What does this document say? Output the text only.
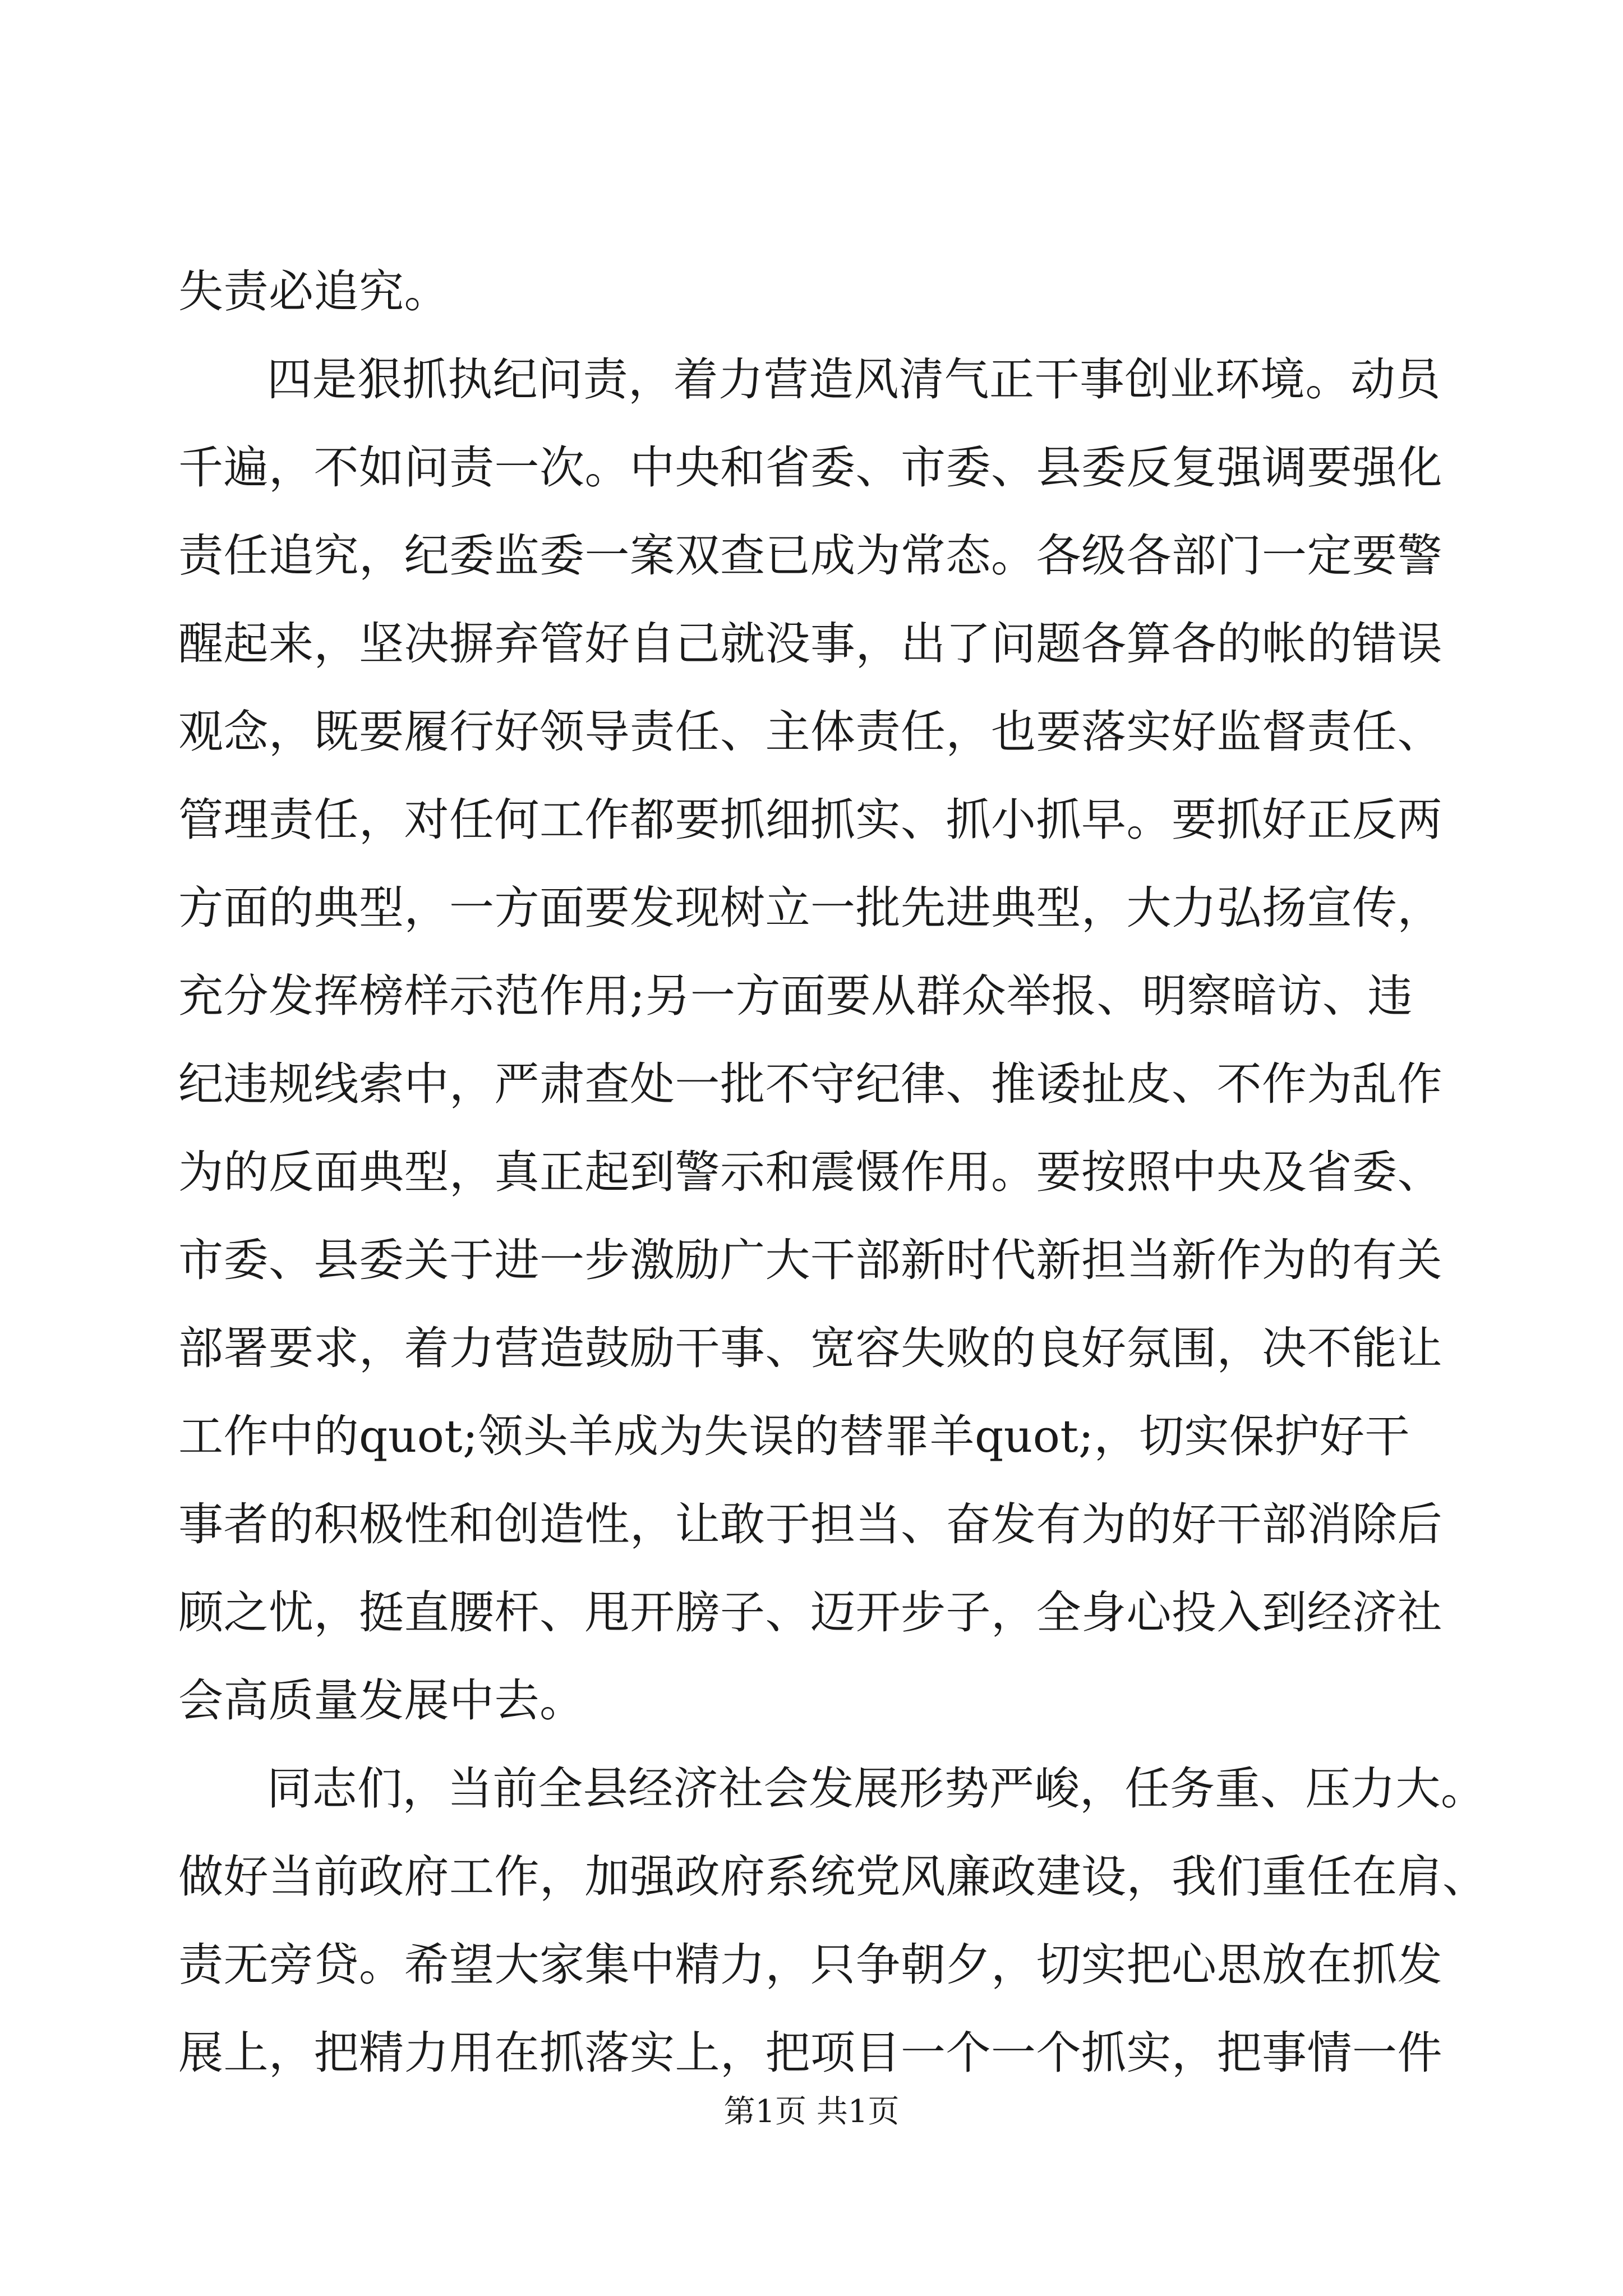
失责必追究。
四是狠抓执纪问责，着力营造风清气正干事创业环境。动员
千遍，不如问责一次。中央和省委、市委、县委反复强调要强化
责任追究，纪委监委一案双查已成为常态。各级各部门一定要警
醒起来，坚决摒弃管好自己就没事，出了问题各算各的帐的错误
观念，既要履行好领导责任、主体责任，也要落实好监督责任、
管理责任，对任何工作都要抓细抓实、抓小抓早。要抓好正反两
方面的典型，一方面要发现树立一批先进典型，大力弘扬宣传，
充分发挥榜样示范作用;另一方面要从群众举报、明察暗访、违
纪违规线索中，严肃查处一批不守纪律、推诿扯皮、不作为乱作
为的反面典型，真正起到警示和震慑作用。要按照中央及省委、
市委、县委关于进一步激励广大干部新时代新担当新作为的有关
部署要求，着力营造鼓励干事、宽容失败的良好氛围，决不能让
工作中的quot;领头羊成为失误的替罪羊quot;，切实保护好干
事者的积极性和创造性，让敢于担当、奋发有为的好干部消除后
顾之忧，挺直腰杆、甩开膀子、迈开步子，全身心投入到经济社
会高质量发展中去。
同志们，当前全县经济社会发展形势严峻，任务重、压力大。
做好当前政府工作，加强政府系统党风廉政建设，我们重任在肩、
责无旁贷。希望大家集中精力，只争朝夕，切实把心思放在抓发
展上，把精力用在抓落实上，把项目一个一个抓实，把事情一件
第1页 共1页
